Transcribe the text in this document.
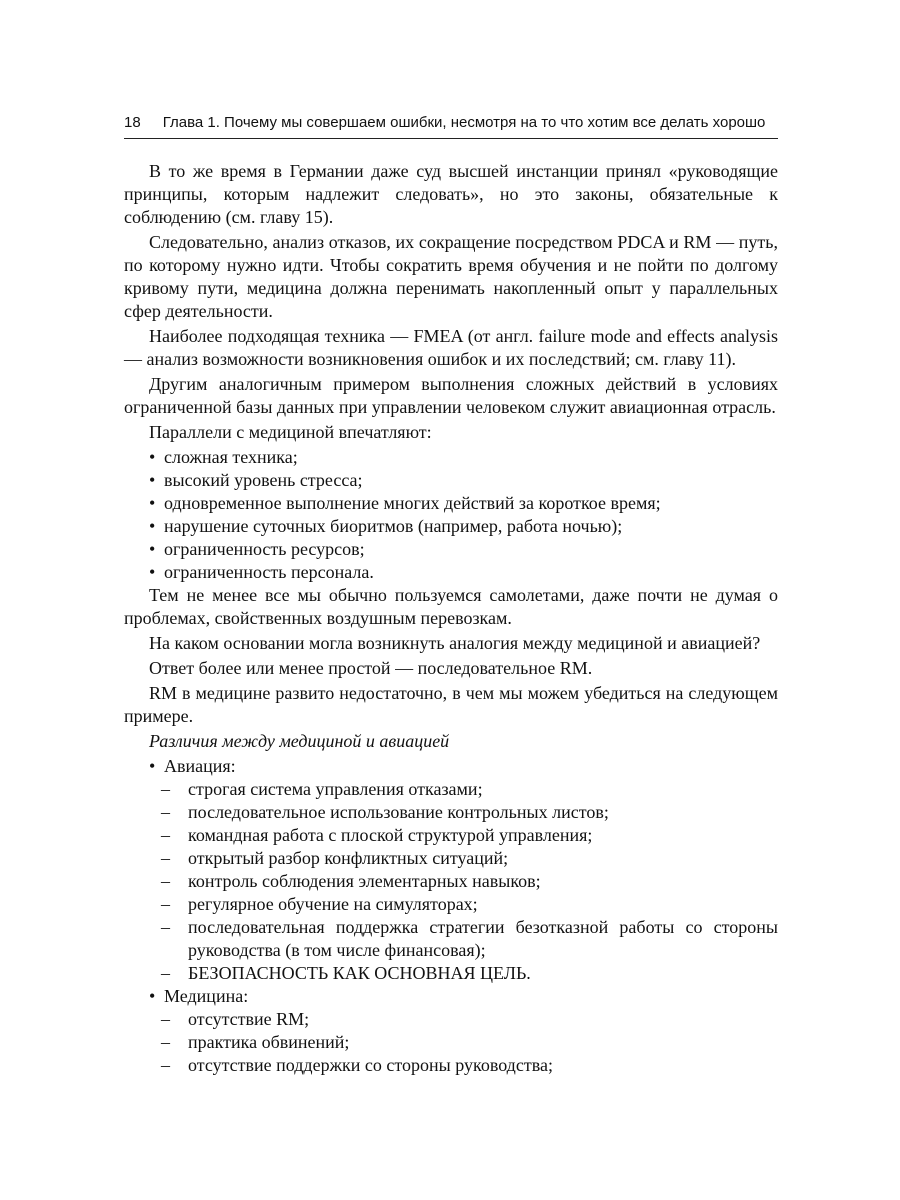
18 Глава 1. Почему мы совершаем ошибки, несмотря на то что хотим все делать хорошо

В то же время в Германии даже суд высшей инстанции принял «руководящие принципы, которым надлежит следовать», но это законы, обязательные к соблюдению (см. главу 15).

Следовательно, анализ отказов, их сокращение посредством PDCA и RM — путь, по которому нужно идти. Чтобы сократить время обучения и не пойти по долгому кривому пути, медицина должна перенимать накопленный опыт у параллельных сфер деятельности.

Наиболее подходящая техника — FMEA (от англ. failure mode and effects analysis — анализ возможности возникновения ошибок и их последствий; см. главу 11).

Другим аналогичным примером выполнения сложных действий в условиях ограниченной базы данных при управлении человеком служит авиационная отрасль.

Параллели с медициной впечатляют:

• сложная техника;
• высокий уровень стресса;
• одновременное выполнение многих действий за короткое время;
• нарушение суточных биоритмов (например, работа ночью);
• ограниченность ресурсов;
• ограниченность персонала.

Тем не менее все мы обычно пользуемся самолетами, даже почти не думая о проблемах, свойственных воздушным перевозкам.

На каком основании могла возникнуть аналогия между медициной и авиацией?

Ответ более или менее простой — последовательное RM.

RM в медицине развито недостаточно, в чем мы можем убедиться на следующем примере.

Различия между медициной и авиацией

• Авиация:
–	строгая система управления отказами;
–	последовательное использование контрольных листов;
–	командная работа с плоской структурой управления;
–	открытый разбор конфликтных ситуаций;
–	контроль соблюдения элементарных навыков;
–	регулярное обучение на симуляторах;
–	последовательная поддержка стратегии безотказной работы со стороны руководства (в том числе финансовая);
–	БЕЗОПАСНОСТЬ КАК ОСНОВНАЯ ЦЕЛЬ.
• Медицина:
–	отсутствие RM;
–	практика обвинений;
–	отсутствие поддержки со стороны руководства;
